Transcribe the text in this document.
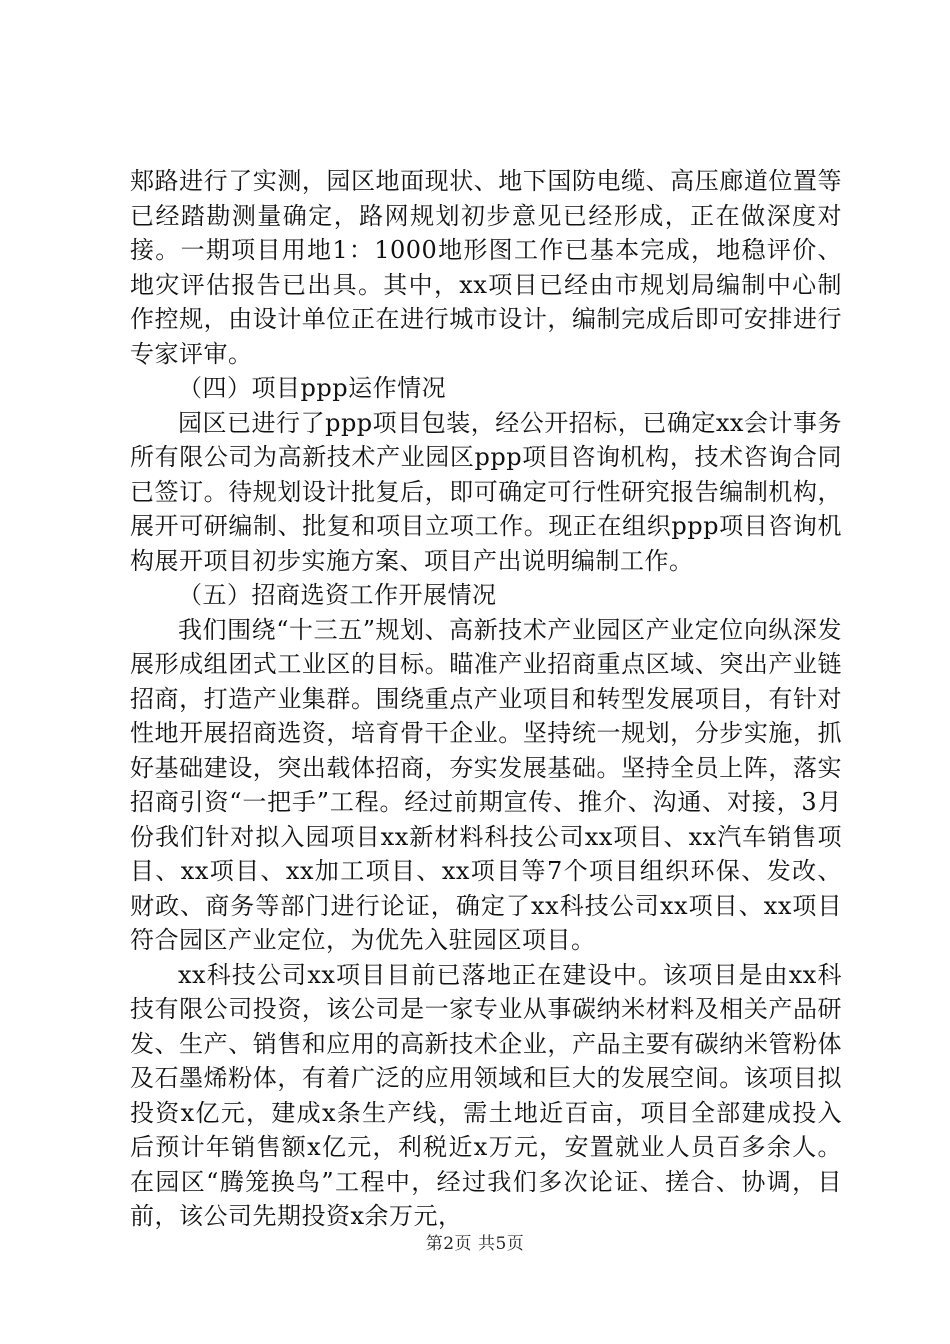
郏路进行了实测，园区地面现状、地下国防电缆、高压廊道位置等已经踏勘测量确定，路网规划初步意见已经形成，正在做深度对接。一期项目用地1：1000地形图工作已基本完成，地稳评价、地灾评估报告已出具。其中，xx项目已经由市规划局编制中心制作控规，由设计单位正在进行城市设计，编制完成后即可安排进行专家评审。

（四）项目ppp运作情况

园区已进行了ppp项目包装，经公开招标，已确定xx会计事务所有限公司为高新技术产业园区ppp项目咨询机构，技术咨询合同已签订。待规划设计批复后，即可确定可行性研究报告编制机构，展开可研编制、批复和项目立项工作。现正在组织ppp项目咨询机构展开项目初步实施方案、项目产出说明编制工作。

（五）招商选资工作开展情况

我们围绕“十三五”规划、高新技术产业园区产业定位向纵深发展形成组团式工业区的目标。瞄准产业招商重点区域、突出产业链招商，打造产业集群。围绕重点产业项目和转型发展项目，有针对性地开展招商选资，培育骨干企业。坚持统一规划，分步实施，抓好基础建设，突出载体招商，夯实发展基础。坚持全员上阵，落实招商引资“一把手”工程。经过前期宣传、推介、沟通、对接，3月份我们针对拟入园项目xx新材料科技公司xx项目、xx汽车销售项目、xx项目、xx加工项目、xx项目等7个项目组织环保、发改、财政、商务等部门进行论证，确定了xx科技公司xx项目、xx项目符合园区产业定位，为优先入驻园区项目。

xx科技公司xx项目目前已落地正在建设中。该项目是由xx科技有限公司投资，该公司是一家专业从事碳纳米材料及相关产品研发、生产、销售和应用的高新技术企业，产品主要有碳纳米管粉体及石墨烯粉体，有着广泛的应用领域和巨大的发展空间。该项目拟投资x亿元，建成x条生产线，需土地近百亩，项目全部建成投入后预计年销售额x亿元，利税近x万元，安置就业人员百多余人。在园区“腾笼换鸟”工程中，经过我们多次论证、搓合、协调，目前，该公司先期投资x余万元，

第2页 共5页
